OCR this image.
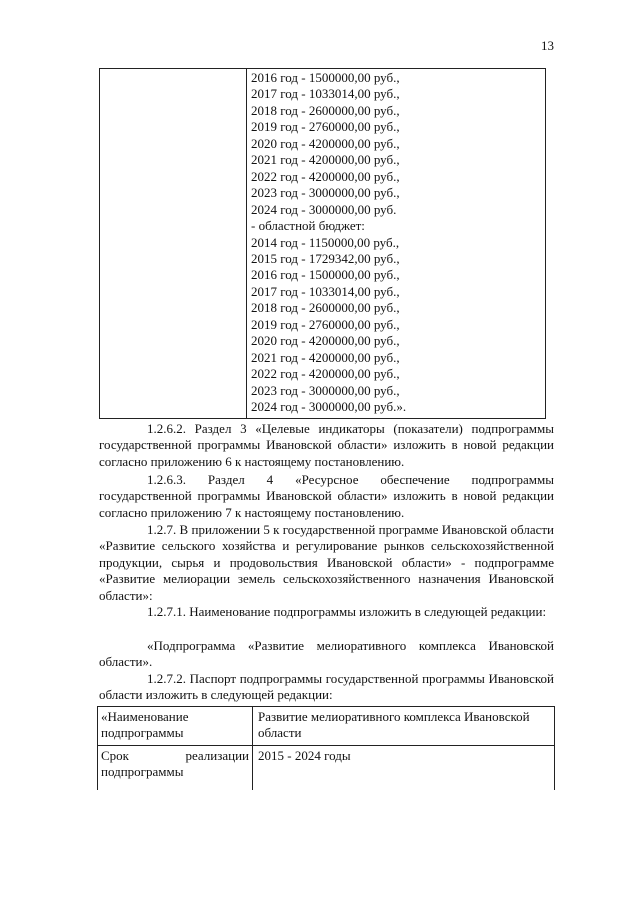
13

2016 год - 1500000,00 руб.,
2017 год - 1033014,00 руб.,
2018 год - 2600000,00 руб.,
2019 год - 2760000,00 руб.,
2020 год - 4200000,00 руб.,
2021 год - 4200000,00 руб.,
2022 год - 4200000,00 руб.,
2023 год - 3000000,00 руб.,
2024 год - 3000000,00 руб.
- областной бюджет:
2014 год - 1150000,00 руб.,
2015 год - 1729342,00 руб.,
2016 год - 1500000,00 руб.,
2017 год - 1033014,00 руб.,
2018 год - 2600000,00 руб.,
2019 год - 2760000,00 руб.,
2020 год - 4200000,00 руб.,
2021 год - 4200000,00 руб.,
2022 год - 4200000,00 руб.,
2023 год - 3000000,00 руб.,
2024 год - 3000000,00 руб.».
1.2.6.2. Раздел 3 «Целевые индикаторы (показатели) подпрограммы государственной программы Ивановской области» изложить в новой редакции согласно приложению 6 к настоящему постановлению.
1.2.6.3. Раздел 4 «Ресурсное обеспечение подпрограммы государственной программы Ивановской области» изложить в новой редакции согласно приложению 7 к настоящему постановлению.
1.2.7. В приложении 5 к государственной программе Ивановской области «Развитие сельского хозяйства и регулирование рынков сельскохозяйственной продукции, сырья и продовольствия Ивановской области» - подпрограмме «Развитие мелиорации земель сельскохозяйственного назначения Ивановской области»:
1.2.7.1. Наименование подпрограммы изложить в следующей редакции:
«Подпрограмма «Развитие мелиоративного комплекса Ивановской области».
1.2.7.2. Паспорт подпрограммы государственной программы Ивановской области изложить в следующей редакции:
«Наименование подпрограммы	Развитие мелиоративного комплекса Ивановской области

Срок реализации
подпрограммы	2015 - 2024 годы
